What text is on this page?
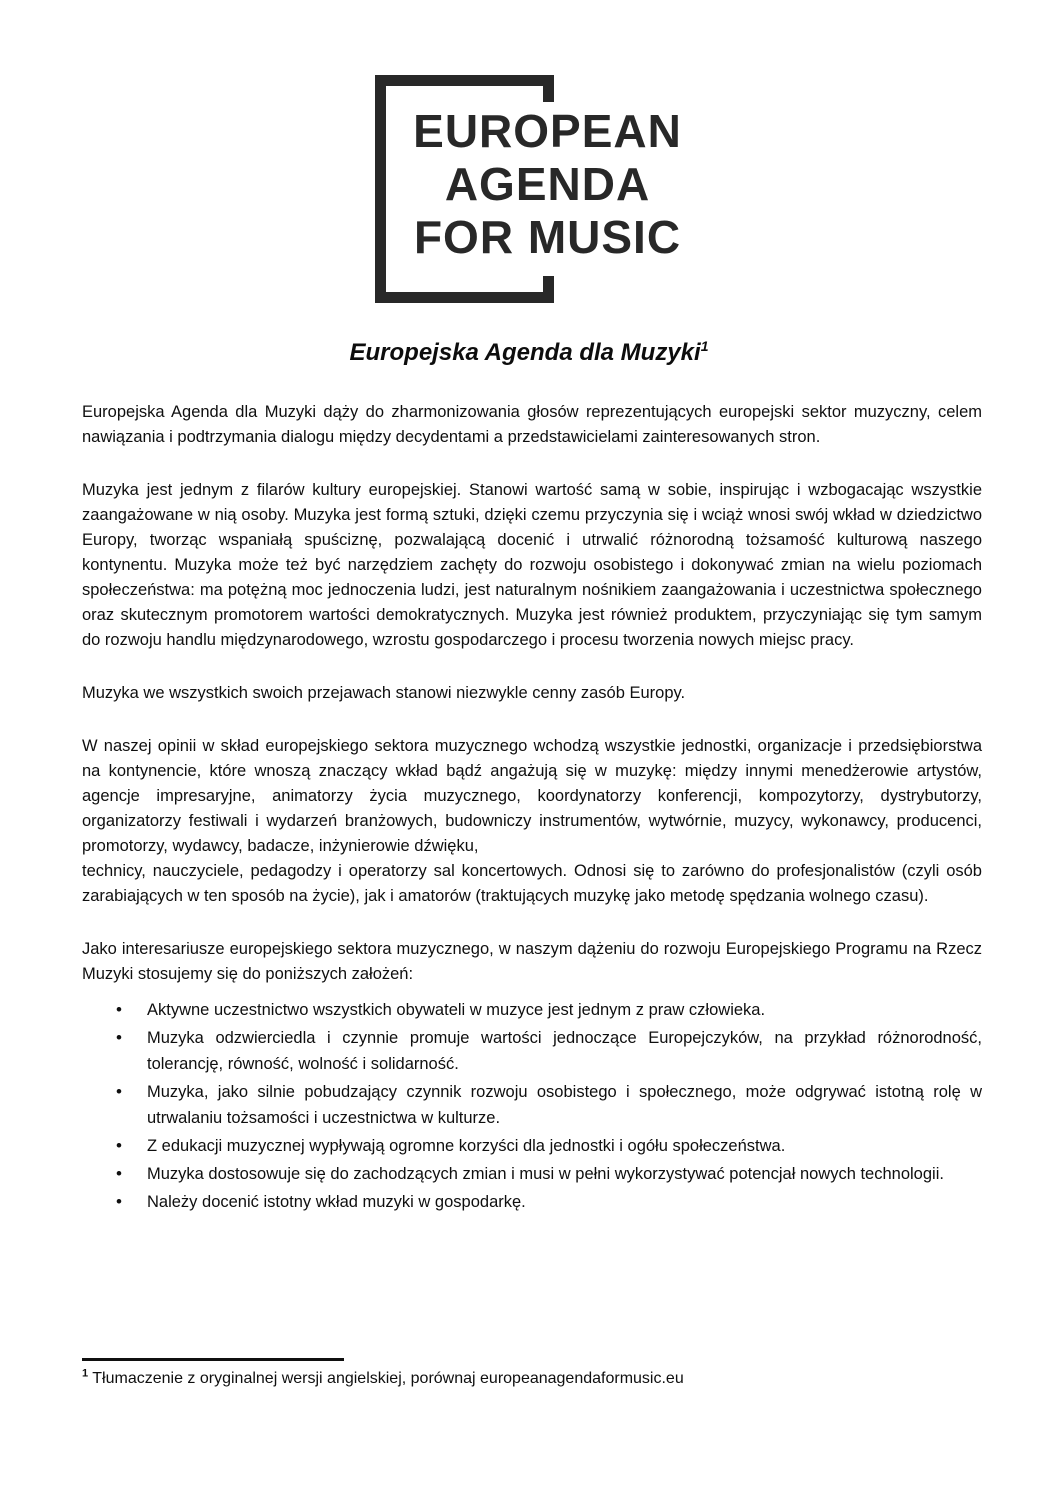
EUROPEAN
AGENDA
FOR MUSIC
Europejska Agenda dla Muzyki$^1$

Europejska Agenda dla Muzyki dąży do zharmonizowania głosów reprezentujących europejski sektor muzyczny, celem nawiązania i podtrzymania dialogu między decydentami a przedstawicielami zainteresowanych stron.

Muzyka jest jednym z filarów kultury europejskiej. Stanowi wartość samą w sobie, inspirując i wzbogacając wszystkie zaangażowane w nią osoby. Muzyka jest formą sztuki, dzięki czemu przyczynia się i wciąż wnosi swój wkład w dziedzictwo Europy, tworząc wspaniałą spuściznę, pozwalającą docenić i utrwalić różnorodną tożsamość kulturową naszego kontynentu. Muzyka może też być narzędziem zachęty do rozwoju osobistego i dokonywać zmian na wielu poziomach społeczeństwa: ma potężną moc jednoczenia ludzi, jest naturalnym nośnikiem zaangażowania i uczestnictwa społecznego oraz skutecznym promotorem wartości demokratycznych. Muzyka jest również produktem, przyczyniając się tym samym do rozwoju handlu międzynarodowego, wzrostu gospodarczego i procesu tworzenia nowych miejsc pracy.

Muzyka we wszystkich swoich przejawach stanowi niezwykle cenny zasób Europy.

W naszej opinii w skład europejskiego sektora muzycznego wchodzą wszystkie jednostki, organizacje i przedsiębiorstwa na kontynencie, które wnoszą znaczący wkład bądź angażują się w muzykę: między innymi menedżerowie artystów, agencje impresaryjne, animatorzy życia muzycznego, koordynatorzy konferencji, kompozytorzy, dystrybutorzy, organizatorzy festiwali i wydarzeń branżowych, budowniczy instrumentów, wytwórnie, muzycy, wykonawcy, producenci, promotorzy, wydawcy, badacze, inżynierowie dźwięku,
technicy, nauczyciele, pedagodzy i operatorzy sal koncertowych. Odnosi się to zarówno do profesjonalistów (czyli osób zarabiających w ten sposób na życie), jak i amatorów (traktujących muzykę jako metodę spędzania wolnego czasu).

Jako interesariusze europejskiego sektora muzycznego, w naszym dążeniu do rozwoju Europejskiego Programu na Rzecz Muzyki stosujemy się do poniższych założeń:

• Aktywne uczestnictwo wszystkich obywateli w muzyce jest jednym z praw człowieka.
• Muzyka odzwierciedla i czynnie promuje wartości jednoczące Europejczyków, na przykład różnorodność, tolerancję, równość, wolność i solidarność.
• Muzyka, jako silnie pobudzający czynnik rozwoju osobistego i społecznego, może odgrywać istotną rolę w utrwalaniu tożsamości i uczestnictwa w kulturze.
• Z edukacji muzycznej wypływają ogromne korzyści dla jednostki i ogółu społeczeństwa.
• Muzyka dostosowuje się do zachodzących zmian i musi w pełni wykorzystywać potencjał nowych technologii.
• Należy docenić istotny wkład muzyki w gospodarkę.

$^1$ Tłumaczenie z oryginalnej wersji angielskiej, porównaj europeanagendaformusic.eu
